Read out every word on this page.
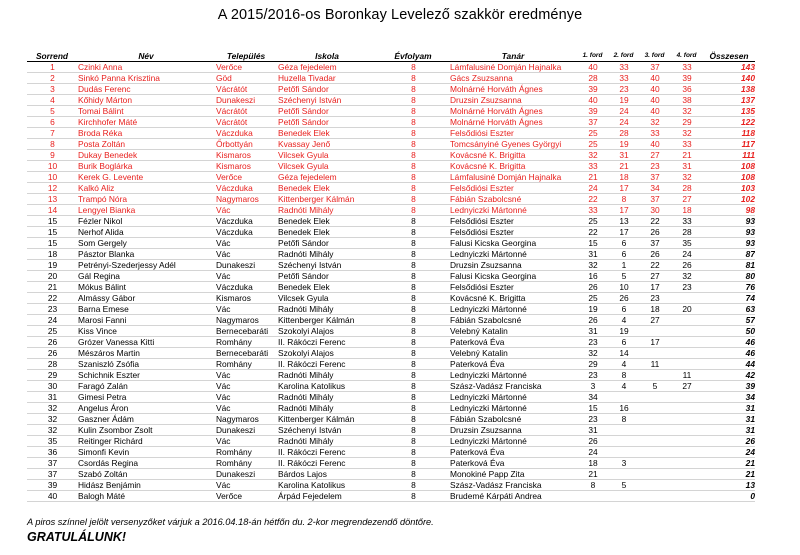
A 2015/2016-os Boronkay Levelező szakkör eredménye
Sorrend	Név	Település	Iskola	Évfolyam	Tanár	1. ford	2. ford	3. ford	4. ford	Összesen
1	Czinki Anna	Verőce	Géza fejedelem	8	Lámfalusiné Domján Hajnalka	40	33	37	33	143
2	Sinkó Panna Krisztina	Göd	Huzella Tivadar	8	Gács Zsuzsanna	28	33	40	39	140
3	Dudás Ferenc	Vácrátót	Petőfi Sándor	8	Molnárné Horváth Ágnes	39	23	40	36	138
4	Kőhidy Márton	Dunakeszi	Széchenyi István	8	Druzsin Zsuzsanna	40	19	40	38	137
5	Tomai Bálint	Vácrátót	Petőfi Sándor	8	Molnárné Horváth Ágnes	39	24	40	32	135
6	Kirchhofer Máté	Vácrátót	Petőfi Sándor	8	Molnárné Horváth Ágnes	37	24	32	29	122
7	Broda Réka	Váczduka	Benedek Elek	8	Felsődiósi Eszter	25	28	33	32	118
8	Posta Zoltán	Őrbottyán	Kvassay Jenő	8	Tomcsányiné Gyenes Györgyi	25	19	40	33	117
9	Dukay Benedek	Kismaros	Vilcsek Gyula	8	Kovácsné K. Brigitta	32	31	27	21	111
10	Burik Boglárka	Kismaros	Vilcsek Gyula	8	Kovácsné K. Brigitta	33	21	23	31	108
10	Kerek G. Levente	Verőce	Géza fejedelem	8	Lámfalusiné Domján Hajnalka	21	18	37	32	108
12	Kalkó Aliz	Váczduka	Benedek Elek	8	Felsődiósi Eszter	24	17	34	28	103
13	Trampó Nóra	Nagymaros	Kittenberger Kálmán	8	Fábián Szabolcsné	22	8	37	27	102
14	Lengyel Bianka	Vác	Radnóti Mihály	8	Lednyiczki Mártonné	33	17	30	18	98
15	Fézler Nikol	Váczduka	Benedek Elek	8	Felsődiósi Eszter	25	13	22	33	93
15	Nerhof Alida	Váczduka	Benedek Elek	8	Felsődiósi Eszter	22	17	26	28	93
15	Som Gergely	Vác	Petőfi Sándor	8	Falusi Kicska Georgina	15	6	37	35	93
18	Pásztor Blanka	Vác	Radnóti Mihály	8	Lednyiczki Mártonné	31	6	26	24	87
19	Petrényi-Szederjessy Adél	Dunakeszi	Széchenyi István	8	Druzsin Zsuzsanna	32	1	22	26	81
20	Gál Regina	Vác	Petőfi Sándor	8	Falusi Kicska Georgina	16	5	27	32	80
21	Mókus Bálint	Váczduka	Benedek Elek	8	Felsődiósi Eszter	26	10	17	23	76
22	Almássy Gábor	Kismaros	Vilcsek Gyula	8	Kovácsné K. Brigitta	25	26	23		74
23	Barna Emese	Vác	Radnóti Mihály	8	Lednyiczki Mártonné	19	6	18	20	63
24	Marosi Fanni	Nagymaros	Kittenberger Kálmán	8	Fábián Szabolcsné	26	4	27		57
25	Kiss Vince	Bernecebaráti	Szokolyi Alajos	8	Velebný Katalin	31	19			50
26	Grózer Vanessa Kitti	Romhány	II. Rákóczi Ferenc	8	Paterková Éva	23	6	17		46
26	Mészáros Martin	Bernecebaráti	Szokolyi Alajos	8	Velebný Katalin	32	14			46
28	Szaniszló Zsófia	Romhány	II. Rákóczi Ferenc	8	Paterková Éva	29	4	11		44
29	Schichnik Eszter	Vác	Radnóti Mihály	8	Lednyiczki Mártonné	23	8		11	42
30	Faragó Zalán	Vác	Karolina Katolikus	8	Szász-Vadász Franciska	3	4	5	27	39
31	Gimesi Petra	Vác	Radnóti Mihály	8	Lednyiczki Mártonné	34				34
32	Angelus Áron	Vác	Radnóti Mihály	8	Lednyiczki Mártonné	15	16			31
32	Gaszner Ádám	Nagymaros	Kittenberger Kálmán	8	Fábián Szabolcsné	23	8			31
32	Kulin Zsombor Zsolt	Dunakeszi	Széchenyi István	8	Druzsin Zsuzsanna	31				31
35	Reitinger Richárd	Vác	Radnóti Mihály	8	Lednyiczki Mártonné	26				26
36	Simonfi Kevin	Romhány	II. Rákóczi Ferenc	8	Paterková Éva	24				24
37	Csordás Regina	Romhány	II. Rákóczi Ferenc	8	Paterková Éva	18	3			21
37	Szabó Zoltán	Dunakeszi	Bárdos Lajos	8	Monokiné Papp Zita	21				21
39	Hidász Benjámin	Vác	Karolina Katolikus	8	Szász-Vadász Franciska	8	5			13
40	Balogh Máté	Verőce	Árpád Fejedelem	8	Brudemé Kárpáti Andrea					0
A piros színnel jelölt versenyzőket várjuk a 2016.04.18-án hétfőn du. 2-kor megrendezendő döntőre.
GRATULÁLUNK!
